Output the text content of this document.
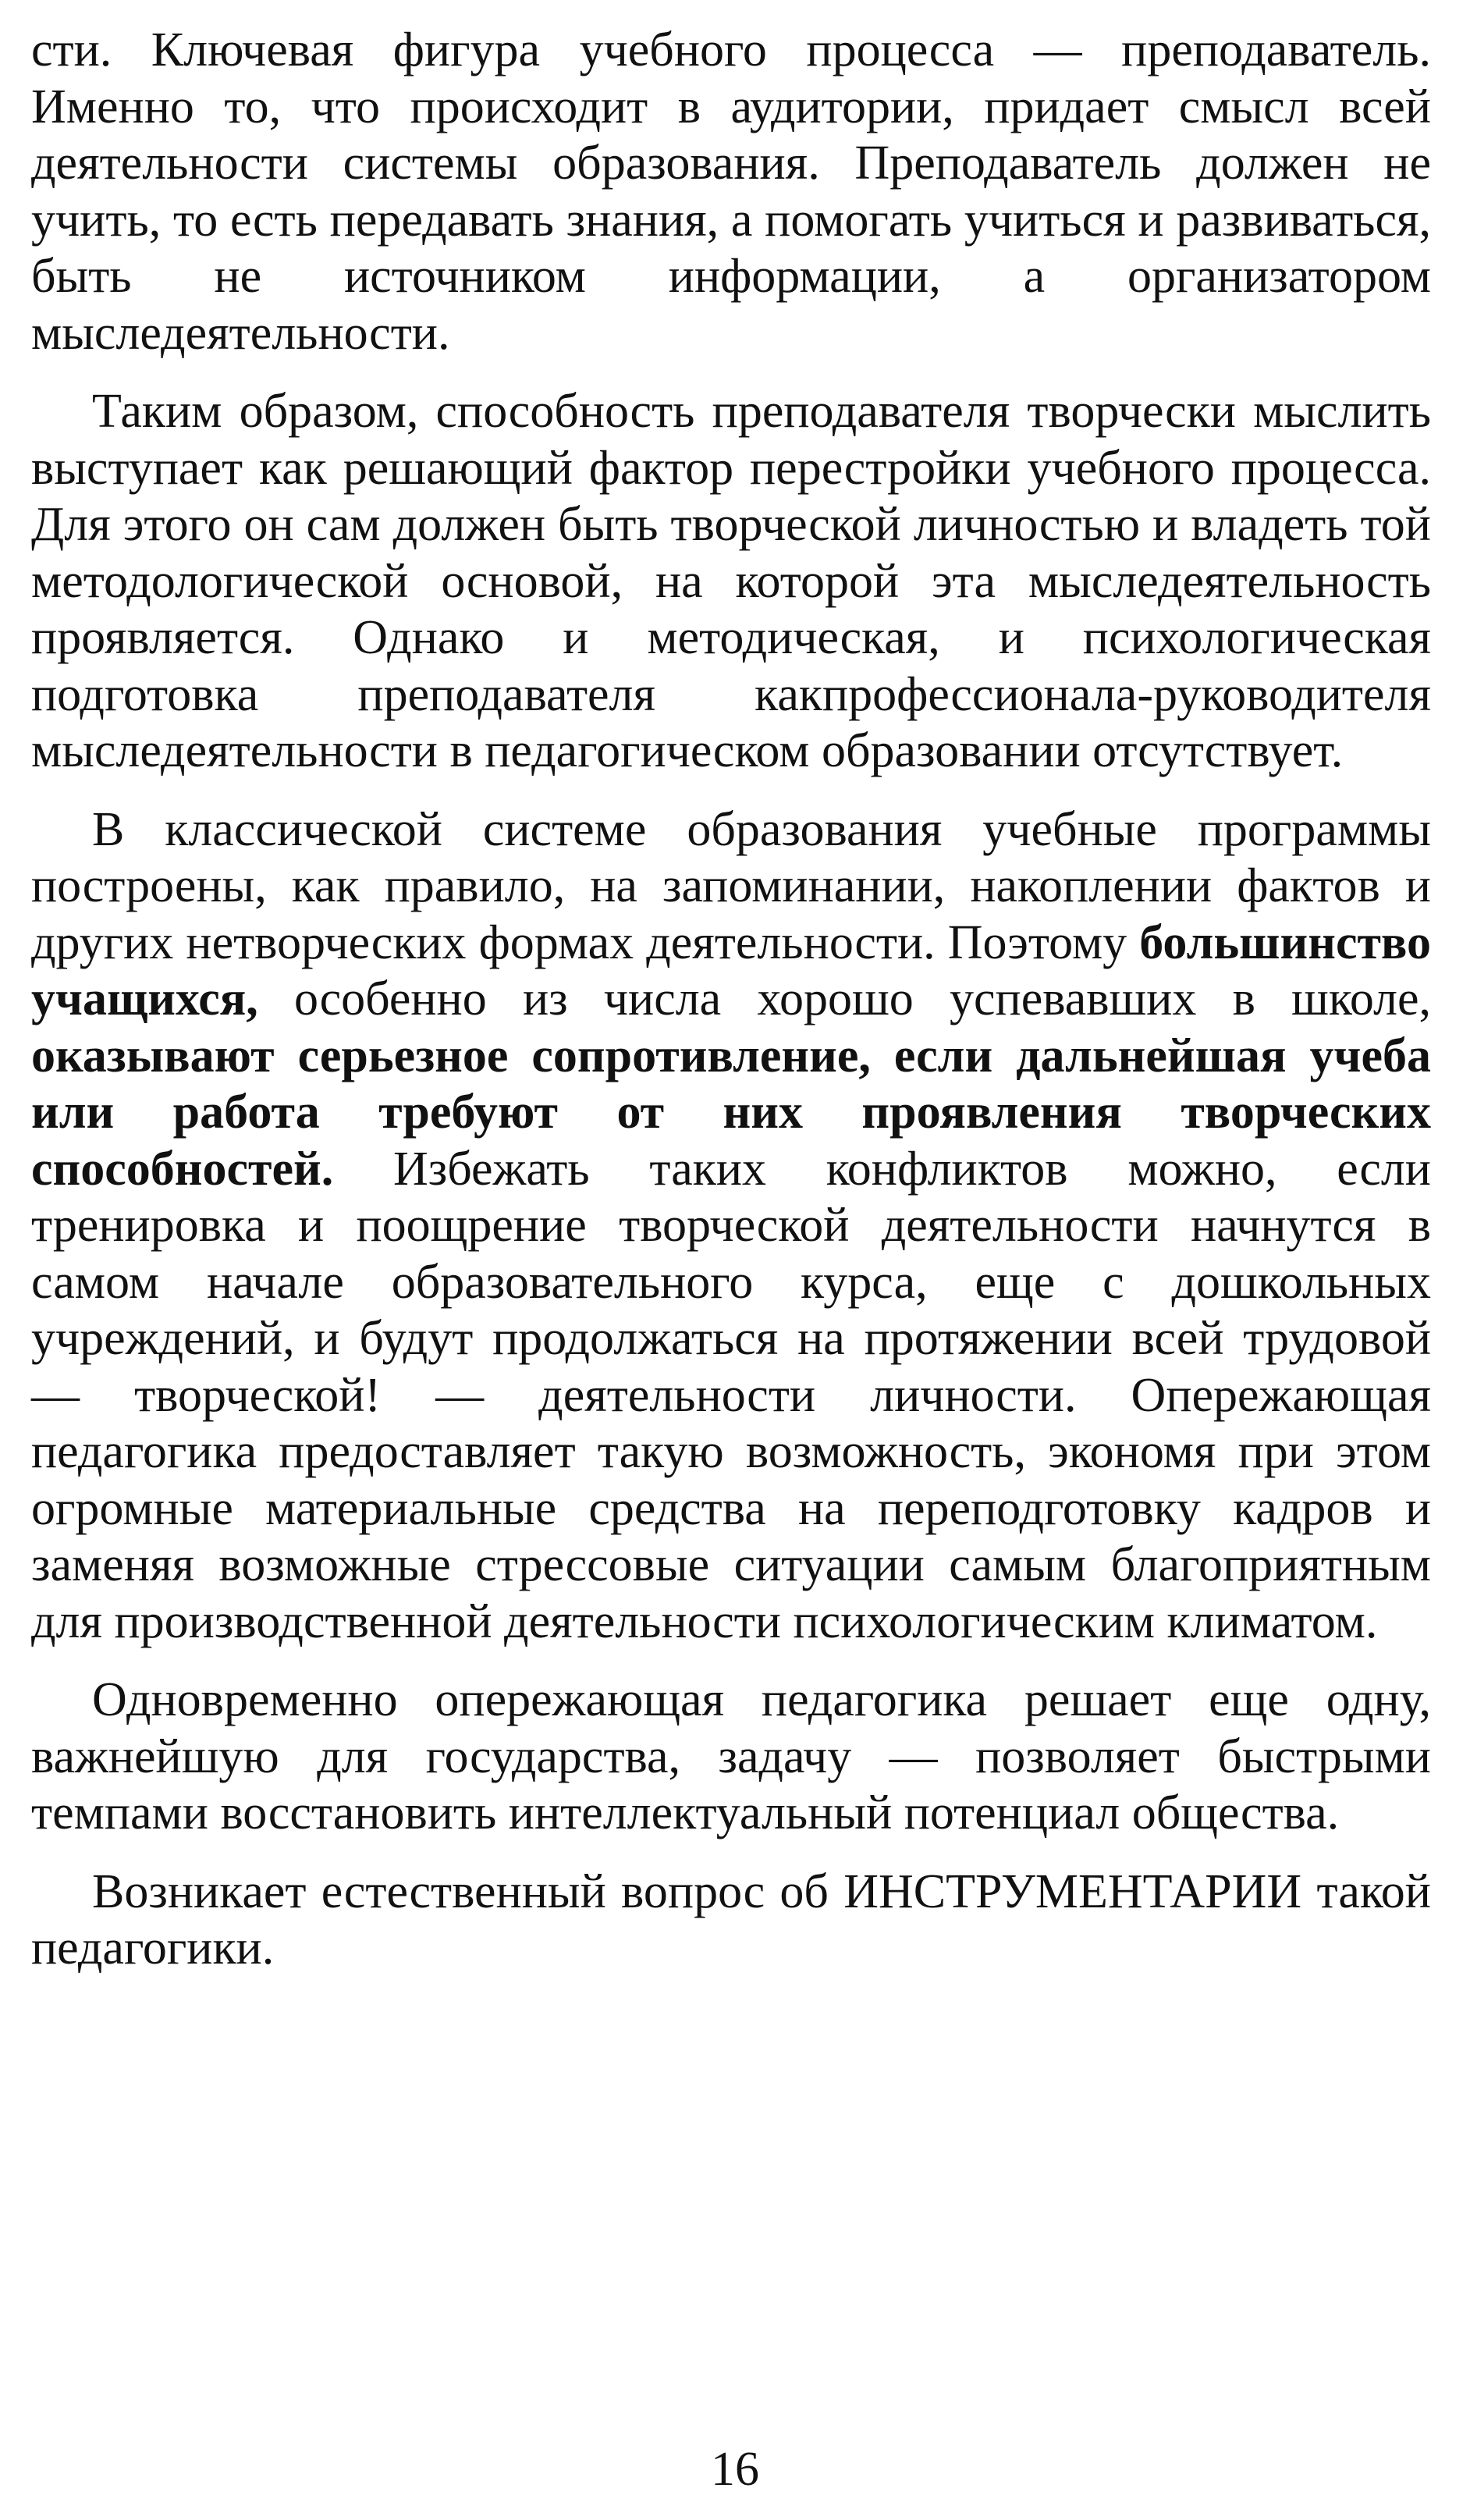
сти. Ключевая фигура учебного процесса — преподаватель. Именно то, что происходит в аудитории, придает смысл всей деятельности системы образования. Преподаватель должен не учить, то есть передавать знания, а помогать учиться и развиваться, быть не источником информации, а организатором мыследеятельности.

Таким образом, способность преподавателя творчески мыслить выступает как решающий фактор перестройки учебного процесса. Для этого он сам должен быть творческой личностью и владеть той методологической основой, на которой эта мыследеятельность проявляется. Однако и методическая, и психологическая подготовка преподавателя какпрофессионала-руководителя мыследеятельности в педагогическом образовании отсутствует.

В классической системе образования учебные программы построены, как правило, на запоминании, накоплении фактов и других нетворческих формах деятельности. Поэтому большинство учащихся, особенно из числа хорошо успевавших в школе, оказывают серьезное сопротивление, если дальнейшая учеба или работа требуют от них проявления творческих способностей. Избежать таких конфликтов можно, если тренировка и поощрение творческой деятельности начнутся в самом начале образовательного курса, еще с дошкольных учреждений, и будут продолжаться на протяжении всей трудовой — творческой! — деятельности личности. Опережающая педагогика предоставляет такую возможность, экономя при этом огромные материальные средства на переподготовку кадров и заменяя возможные стрессовые ситуации самым благоприятным для производственной деятельности психологическим климатом.

Одновременно опережающая педагогика решает еще одну, важнейшую для государства, задачу — позволяет быстрыми темпами восстановить интеллектуальный потенциал общества.

Возникает естественный вопрос об ИНСТРУМЕНТАРИИ такой педагогики.

16
